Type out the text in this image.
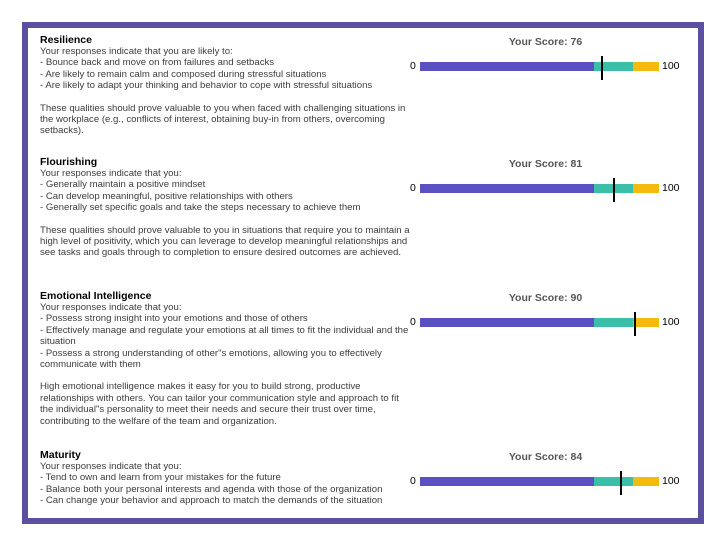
Resilience
Your responses indicate that you are likely to:
- Bounce back and move on from failures and setbacks
- Are likely to remain calm and composed during stressful situations
- Are likely to adapt your thinking and behavior to cope with stressful situations
These qualities should prove valuable to you when faced with challenging situations in the workplace (e.g., conflicts of interest, obtaining buy-in from others, overcoming setbacks).
Your Score: 76
0	100
Flourishing
Your responses indicate that you:
- Generally maintain a positive mindset
- Can develop meaningful, positive relationships with others
- Generally set specific goals and take the steps necessary to achieve them
These qualities should prove valuable to you in situations that require you to maintain a high level of positivity, which you can leverage to develop meaningful relationships and see tasks and goals through to completion to ensure desired outcomes are achieved.
Your Score: 81
0	100
Emotional Intelligence
Your responses indicate that you:
- Possess strong insight into your emotions and those of others
- Effectively manage and regulate your emotions at all times to fit the individual and the situation
- Possess a strong understanding of other"s emotions, allowing you to effectively communicate with them
High emotional intelligence makes it easy for you to build strong, productive relationships with others. You can tailor your communication style and approach to fit the individual"s personality to meet their needs and secure their trust over time, contributing to the welfare of the team and organization.
Your Score: 90
0	100
Maturity
Your responses indicate that you:
- Tend to own and learn from your mistakes for the future
- Balance both your personal interests and agenda with those of the organization
- Can change your behavior and approach to match the demands of the situation
Your Score: 84
0	100
